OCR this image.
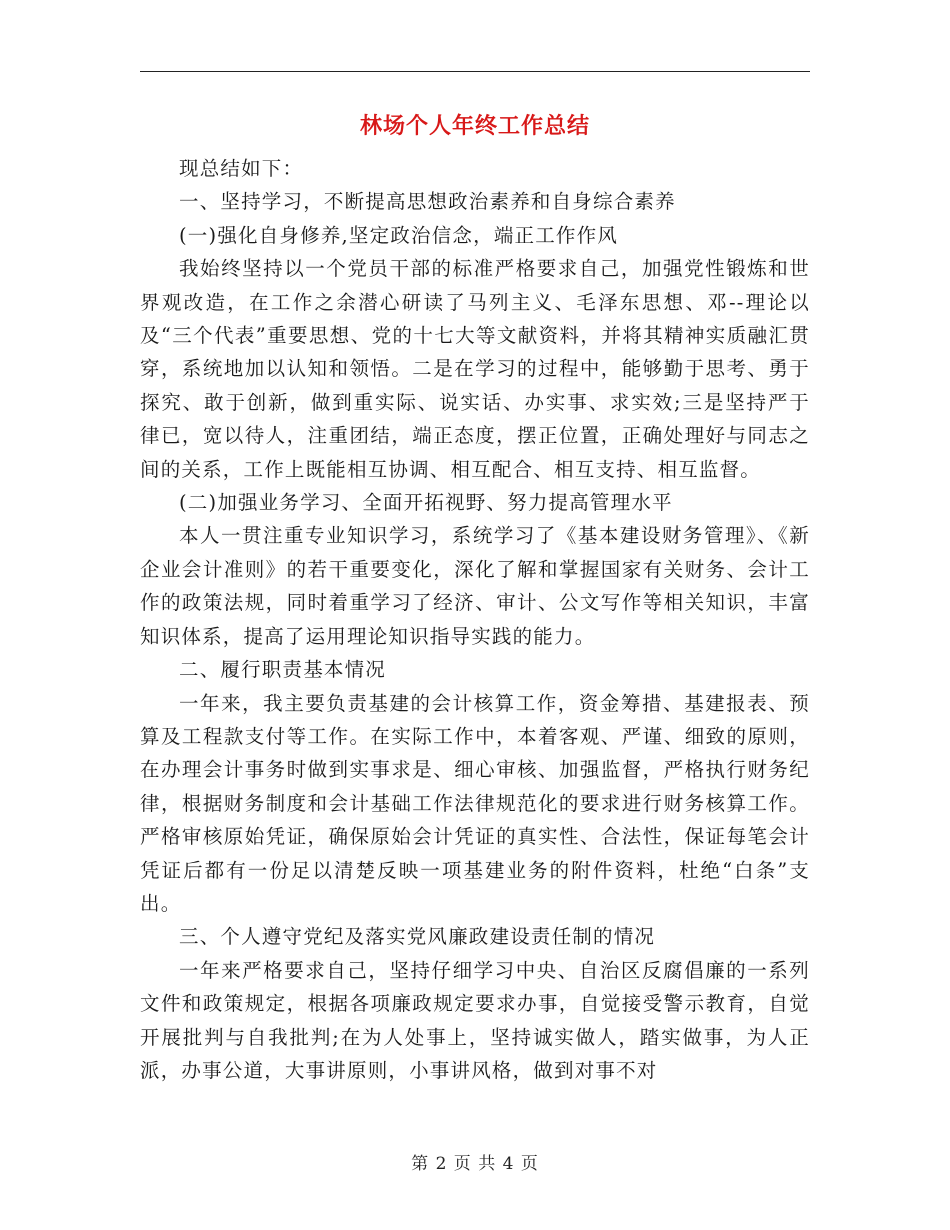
林场个人年终工作总结

现总结如下：

一、坚持学习，不断提高思想政治素养和自身综合素养

(一)强化自身修养,坚定政治信念，端正工作作风

我始终坚持以一个党员干部的标准严格要求自己，加强党性锻炼和世界观改造，在工作之余潜心研读了马列主义、毛泽东思想、邓--理论以及“三个代表”重要思想、党的十七大等文献资料，并将其精神实质融汇贯穿，系统地加以认知和领悟。二是在学习的过程中，能够勤于思考、勇于探究、敢于创新，做到重实际、说实话、办实事、求实效;三是坚持严于律已，宽以待人，注重团结，端正态度，摆正位置，正确处理好与同志之间的关系，工作上既能相互协调、相互配合、相互支持、相互监督。

(二)加强业务学习、全面开拓视野、努力提高管理水平

本人一贯注重专业知识学习，系统学习了《基本建设财务管理》、《新企业会计准则》的若干重要变化，深化了解和掌握国家有关财务、会计工作的政策法规，同时着重学习了经济、审计、公文写作等相关知识，丰富知识体系，提高了运用理论知识指导实践的能力。

二、履行职责基本情况

一年来，我主要负责基建的会计核算工作，资金筹措、基建报表、预算及工程款支付等工作。在实际工作中，本着客观、严谨、细致的原则，在办理会计事务时做到实事求是、细心审核、加强监督，严格执行财务纪律，根据财务制度和会计基础工作法律规范化的要求进行财务核算工作。严格审核原始凭证，确保原始会计凭证的真实性、合法性，保证每笔会计凭证后都有一份足以清楚反映一项基建业务的附件资料，杜绝“白条”支出。

三、个人遵守党纪及落实党风廉政建设责任制的情况

一年来严格要求自己，坚持仔细学习中央、自治区反腐倡廉的一系列文件和政策规定，根据各项廉政规定要求办事，自觉接受警示教育，自觉开展批判与自我批判;在为人处事上，坚持诚实做人，踏实做事，为人正派，办事公道，大事讲原则，小事讲风格，做到对事不对

第 2 页 共 4 页
